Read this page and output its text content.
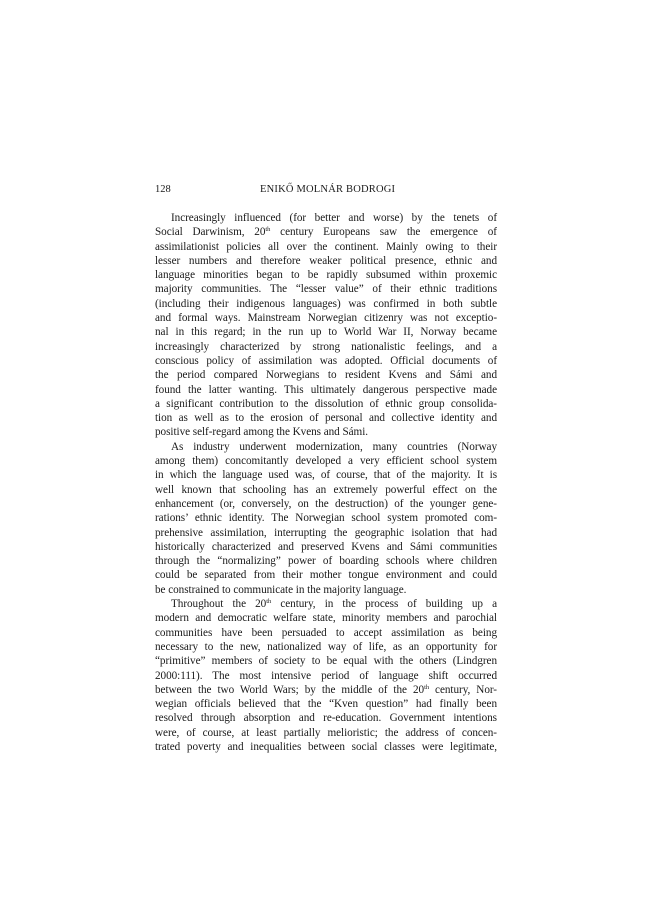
128	ENIKŐ MOLNÁR BODROGI
Increasingly influenced (for better and worse) by the tenets of
Social Darwinism, 20th century Europeans saw the emergence of
assimilationist policies all over the continent. Mainly owing to their
lesser numbers and therefore weaker political presence, ethnic and
language minorities began to be rapidly subsumed within proxemic
majority communities. The “lesser value” of their ethnic traditions
(including their indigenous languages) was confirmed in both subtle
and formal ways. Mainstream Norwegian citizenry was not exceptio-
nal in this regard; in the run up to World War II, Norway became
increasingly characterized by strong nationalistic feelings, and a
conscious policy of assimilation was adopted. Official documents of
the period compared Norwegians to resident Kvens and Sámi and
found the latter wanting. This ultimately dangerous perspective made
a significant contribution to the dissolution of ethnic group consolida-
tion as well as to the erosion of personal and collective identity and
positive self-regard among the Kvens and Sámi.
As industry underwent modernization, many countries (Norway
among them) concomitantly developed a very efficient school system
in which the language used was, of course, that of the majority. It is
well known that schooling has an extremely powerful effect on the
enhancement (or, conversely, on the destruction) of the younger gene-
rations’ ethnic identity. The Norwegian school system promoted com-
prehensive assimilation, interrupting the geographic isolation that had
historically characterized and preserved Kvens and Sámi communities
through the “normalizing” power of boarding schools where children
could be separated from their mother tongue environment and could
be constrained to communicate in the majority language.
Throughout the 20th century, in the process of building up a
modern and democratic welfare state, minority members and parochial
communities have been persuaded to accept assimilation as being
necessary to the new, nationalized way of life, as an opportunity for
“primitive” members of society to be equal with the others (Lindgren
2000:111). The most intensive period of language shift occurred
between the two World Wars; by the middle of the 20th century, Nor-
wegian officials believed that the “Kven question” had finally been
resolved through absorption and re-education. Government intentions
were, of course, at least partially melioristic; the address of concen-
trated poverty and inequalities between social classes were legitimate,
